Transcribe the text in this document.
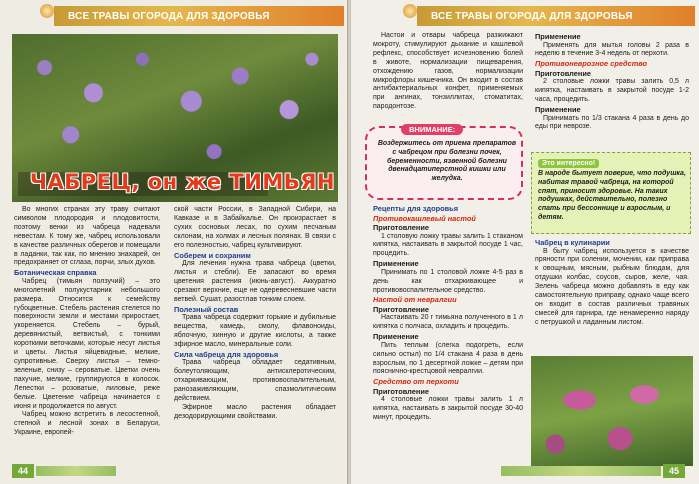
ВСЕ ТРАВЫ ОГОРОДА ДЛЯ ЗДОРОВЬЯ
ЧАБРЕЦ, он же ТИМЬЯН

Во многих странах эту траву считают символом плодородия и плодовитости, поэтому венки из чабреца надевали невестам. К тому же, чабрец использовали в качестве различных оберегов и помещали в ладанки, так как, по мнению знахарей, он предохраняет от сглаза, порчи, злых духов.

Ботаническая справка

Чабрец (тимьян ползучий) – это многолетний полукустарник небольшого размера. Относится к семейству губоцветные. Стебель растения стелется по поверхности земли и местами приростает, укореняется. Стебель – бурый, деревянистый, ветвистый, с тонкими короткими веточками, которые несут листья и цветы. Листья яйцевидные, мелкие, супротивные. Сверху листья – темно-зеленые, снизу – сероватые. Цветки очень пахучие, мелкие, группируются в колосок. Лепестки – розоватые, лиловые, реже белые. Цветение чабреца начинается с июня и продолжается по август.

Чабрец можно встретить в лесостепной, степной и лесной зонах в Беларуси, Украине, европей-

ской части России, в Западной Сибири, на Кавказе и в Забайкалье. Он произрастает в сухих сосновых лесах, по сухим песчаным склонам, на холмах и лесных полянах. В связи с его полезностью, чабрец культивируют.

Соберем и сохраним

Для лечения нужна трава чабреца (цветки, листья и стебли). Ее запасают во время цветения растения (июнь-август). Аккуратно срезают верхние, еще не одеревесневшие части ветвей. Сушат, разостлав тонким слоем.

Полезный состав

Трава чабреца содержит горькие и дубильные вещества, камедь, смолу, флавоноиды, яблочную, хинную и другие кислоты, а также эфирное масло, минеральные соли.

Сила чабреца для здоровья

Трава чабреца обладает седативным, болеутоляющим, антисклеротическим, отхаркивающим, противовоспалительным, ранозаживляющим, спазмолитическим действием.

Эфирное масло растения обладает дезодорирующими свойствами.

44
ВСЕ ТРАВЫ ОГОРОДА ДЛЯ ЗДОРОВЬЯ

Настои и отвары чабреца разжижают мокроту, стимулируют дыхание и кашлевой рефлекс, способствует исчезновению болей в животе, нормализации пищеварения, отхождению газов, нормализации микрофлоры кишечника. Он входит в состав антибактериальных конфет, применяемых при ангинах, тонзиллитах, стоматитах, пародонтозе.

ВНИМАНИЕ:
Воздержитесь от приема препаратов с чабрецом при болезни почек, беременности, язвенной болезни двенадцатиперстной кишки или желудка.

Рецепты для здоровья

Противокашлевый настой

Приготовление

1 столовую ложку травы залить 1 стаканом кипятка, настаивать в закрытой посуде 1 час, процедить.

Применение

Принимать по 1 столовой ложке 4-5 раз в день как отхаркивающее и противовоспалительное средство.

Настой от невралгии

Приготовление

Настаивать 20 г тимьяна полученного в 1 л кипятка с полчаса, охладить и процедить.

Применение

Пить теплым (слегка подогреть, если сильно остыл) по 1/4 стакана 4 раза в день взрослым, по 1 десертной ложке – детям при пояснично-крестцовой невралгии.

Средство от перхоти

Приготовление

4 столовые ложки травы залить 1 л кипятка, настаивать в закрытой посуде 30-40 минут, процедить.

Применение

Применять для мытья головы 2 раза в неделю в течение 3-4 недель от перхоти.

Противоневрозное средство

Приготовление

2 столовые ложки травы залить 0,5 л кипятка, настаивать в закрытой посуде 1-2 часа, процедить.

Применение

Принимать по 1/3 стакана 4 раза в день до еды при неврозе.

Это интересно!
В народе бытует поверие, что подушка, набитая травой чабреца, на которой спят, приносит здоровье. На таких подушках, действительно, полезно спать при бессоннице и взрослым, и детям.

Чабрец в кулинарии

В быту чабрец используется в качестве пряности при солении, мочении, как приправа к овощным, мясным, рыбным блюдам, для отдушки колбас, соусов, сыров, желе, чая. Зелень чабреца можно добавлять в еду как самостоятельную приправу, однако чаще всего он входит в состав различных травяных смесей для гарнира, где ненамеренно наряду с петрушкой и ладанным листом.

45
